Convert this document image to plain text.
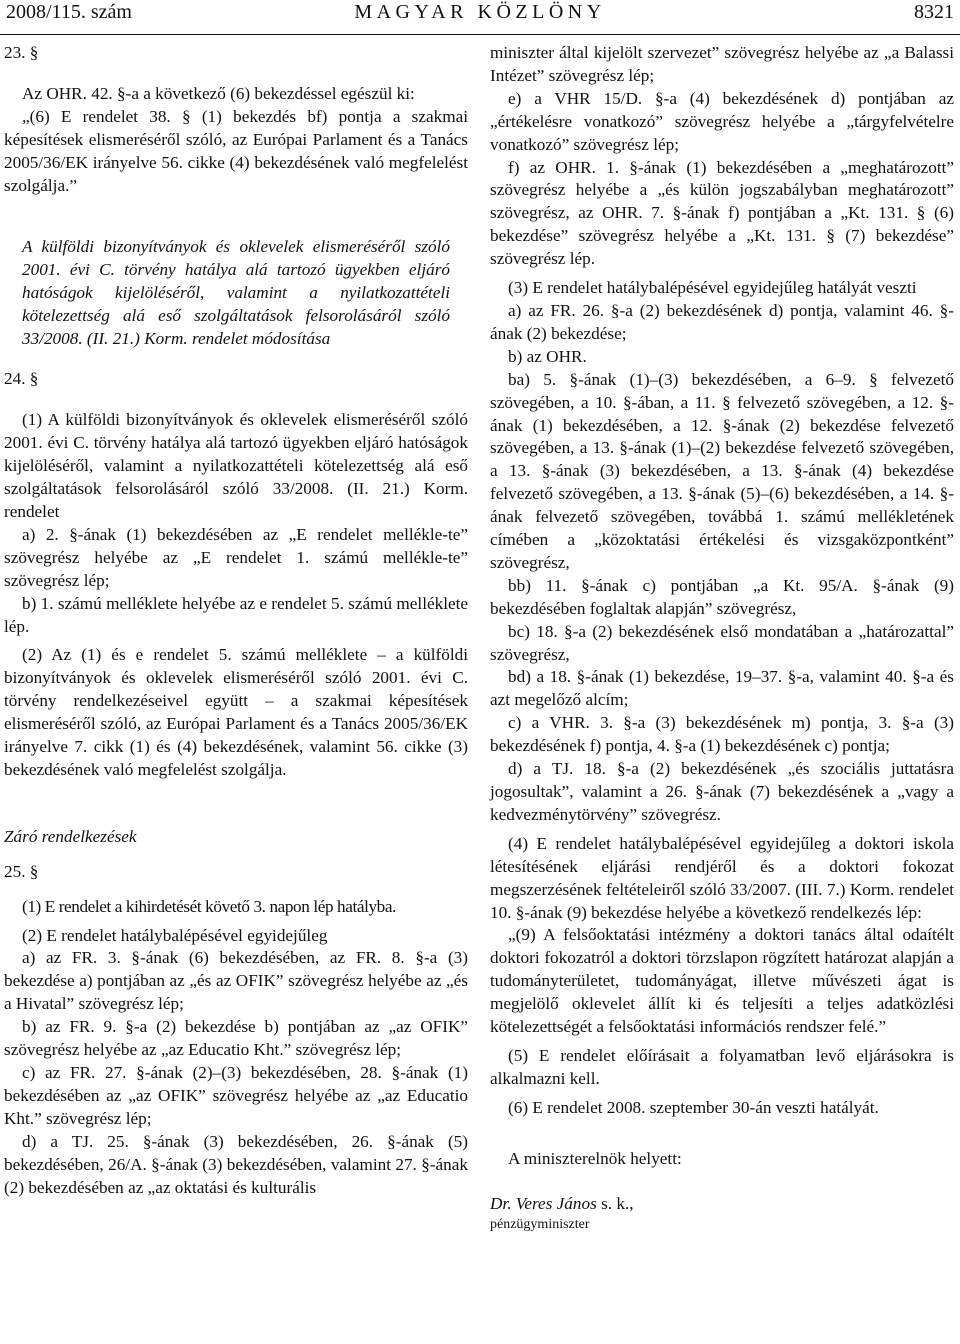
2008/115. szám	MAGYAR KÖZLÖNY	8321

23. §

Az OHR. 42. §-a a következő (6) bekezdéssel egészül ki:

„(6) E rendelet 38. § (1) bekezdés bf) pontja a szakmai képesítések elismeréséről szóló, az Európai Parlament és a Tanács 2005/36/EK irányelve 56. cikke (4) bekezdésének való megfelelést szolgálja.”

A külföldi bizonyítványok és oklevelek elismeréséről szóló 2001. évi C. törvény hatálya alá tartozó ügyekben eljáró hatóságok kijelöléséről, valamint a nyilatkozattételi kötelezettség alá eső szolgáltatások felsorolásáról szóló 33/2008. (II. 21.) Korm. rendelet módosítása

24. §

(1) A külföldi bizonyítványok és oklevelek elismeréséről szóló 2001. évi C. törvény hatálya alá tartozó ügyekben eljáró hatóságok kijelöléséről, valamint a nyilatkozattételi kötelezettség alá eső szolgáltatások felsorolásáról szóló 33/2008. (II. 21.) Korm. rendelet

a) 2. §-ának (1) bekezdésében az „E rendelet mellékle-te” szövegrész helyébe az „E rendelet 1. számú mellékle-te” szövegrész lép;

b) 1. számú melléklete helyébe az e rendelet 5. számú melléklete lép.

(2) Az (1) és e rendelet 5. számú melléklete – a külföldi bizonyítványok és oklevelek elismeréséről szóló 2001. évi C. törvény rendelkezéseivel együtt – a szakmai képesítések elismeréséről szóló, az Európai Parlament és a Tanács 2005/36/EK irányelve 7. cikk (1) és (4) bekezdésének, valamint 56. cikke (3) bekezdésének való megfelelést szolgálja.

Záró rendelkezések

25. §

(1) E rendelet a kihirdetését követő 3. napon lép hatályba.

(2) E rendelet hatálybalépésével egyidejűleg

a) az FR. 3. §-ának (6) bekezdésében, az FR. 8. §-a (3) bekezdése a) pontjában az „és az OFIK” szövegrész helyébe az „és a Hivatal” szövegrész lép;

b) az FR. 9. §-a (2) bekezdése b) pontjában az „az OFIK” szövegrész helyébe az „az Educatio Kht.” szövegrész lép;

c) az FR. 27. §-ának (2)–(3) bekezdésében, 28. §-ának (1) bekezdésében az „az OFIK” szövegrész helyébe az „az Educatio Kht.” szövegrész lép;

d) a TJ. 25. §-ának (3) bekezdésében, 26. §-ának (5) bekezdésében, 26/A. §-ának (3) bekezdésében, valamint 27. §-ának (2) bekezdésében az „az oktatási és kulturális

miniszter által kijelölt szervezet” szövegrész helyébe az „a Balassi Intézet” szövegrész lép;

e) a VHR 15/D. §-a (4) bekezdésének d) pontjában az „értékelésre vonatkozó” szövegrész helyébe a „tárgyfelvételre vonatkozó” szövegrész lép;

f) az OHR. 1. §-ának (1) bekezdésében a „meghatározott” szövegrész helyébe a „és külön jogszabályban meghatározott” szövegrész, az OHR. 7. §-ának f) pontjában a „Kt. 131. § (6) bekezdése” szövegrész helyébe a „Kt. 131. § (7) bekezdése” szövegrész lép.

(3) E rendelet hatálybalépésével egyidejűleg hatályát veszti

a) az FR. 26. §-a (2) bekezdésének d) pontja, valamint 46. §-ának (2) bekezdése;

b) az OHR.

ba) 5. §-ának (1)–(3) bekezdésében, a 6–9. § felvezető szövegében, a 10. §-ában, a 11. § felvezető szövegében, a 12. §-ának (1) bekezdésében, a 12. §-ának (2) bekezdése felvezető szövegében, a 13. §-ának (1)–(2) bekezdése felvezető szövegében, a 13. §-ának (3) bekezdésében, a 13. §-ának (4) bekezdése felvezető szövegében, a 13. §-ának (5)–(6) bekezdésében, a 14. §-ának felvezető szövegében, továbbá 1. számú mellékletének címében a „közoktatási értékelési és vizsgaközpontként” szövegrész,

bb) 11. §-ának c) pontjában „a Kt. 95/A. §-ának (9) bekezdésében foglaltak alapján” szövegrész,

bc) 18. §-a (2) bekezdésének első mondatában a „határozattal” szövegrész,

bd) a 18. §-ának (1) bekezdése, 19–37. §-a, valamint 40. §-a és azt megelőző alcím;

c) a VHR. 3. §-a (3) bekezdésének m) pontja, 3. §-a (3) bekezdésének f) pontja, 4. §-a (1) bekezdésének c) pontja;

d) a TJ. 18. §-a (2) bekezdésének „és szociális juttatásra jogosultak”, valamint a 26. §-ának (7) bekezdésének a „vagy a kedvezménytörvény” szövegrész.

(4) E rendelet hatálybalépésével egyidejűleg a doktori iskola létesítésének eljárási rendjéről és a doktori fokozat megszerzésének feltételeiről szóló 33/2007. (III. 7.) Korm. rendelet 10. §-ának (9) bekezdése helyébe a következő rendelkezés lép:

„(9) A felsőoktatási intézmény a doktori tanács által odaítélt doktori fokozatról a doktori törzslapon rögzített határozat alapján a tudományterületet, tudományágat, illetve művészeti ágat is megjelölő oklevelet állít ki és teljesíti a teljes adatközlési kötelezettségét a felsőoktatási információs rendszer felé.”

(5) E rendelet előírásait a folyamatban levő eljárásokra is alkalmazni kell.

(6) E rendelet 2008. szeptember 30-án veszti hatályát.

A miniszterelnök helyett:

Dr. Veres János s. k.,

pénzügyminiszter
